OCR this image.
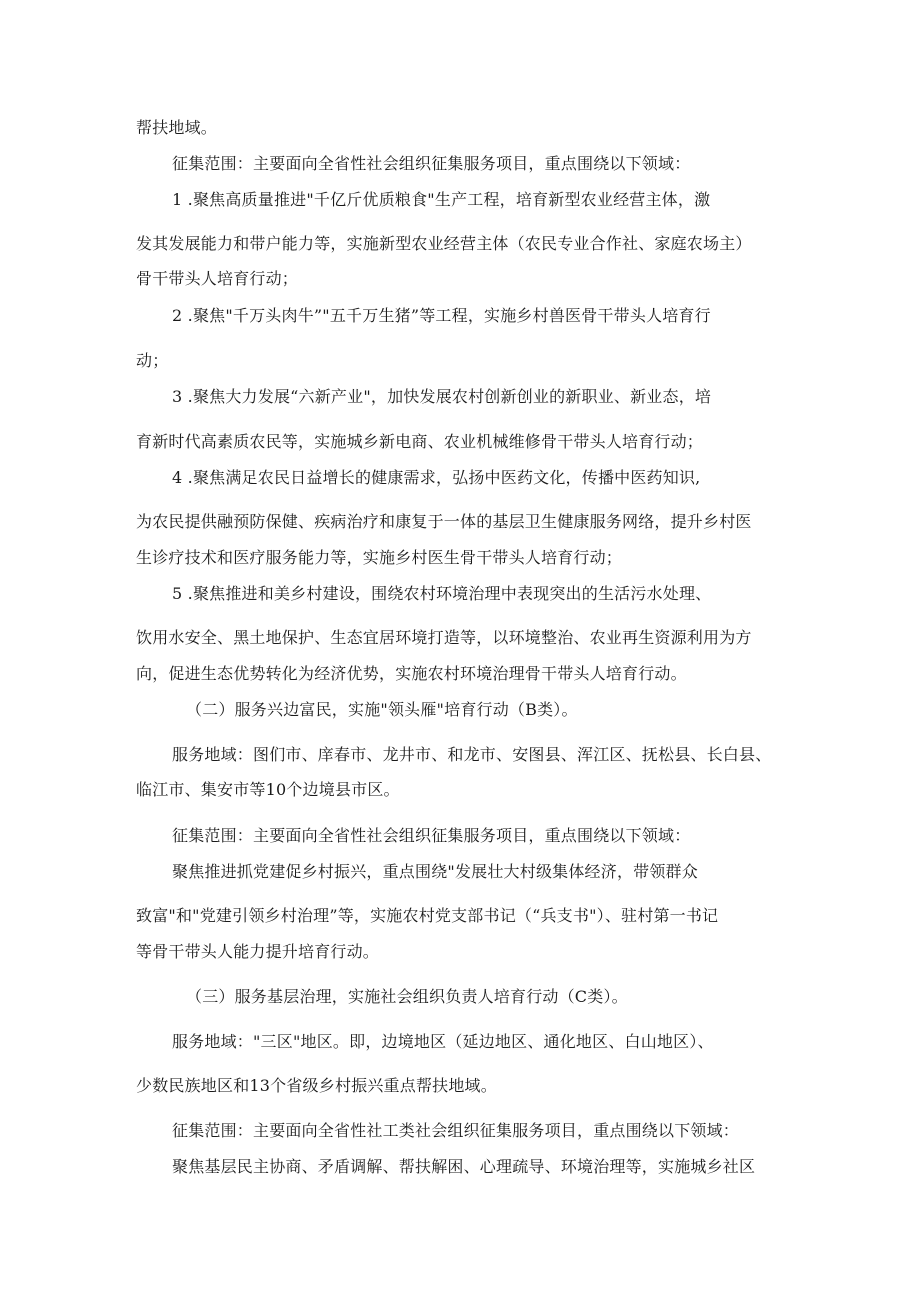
帮扶地域。
征集范围：主要面向全省性社会组织征集服务项目，重点围绕以下领域：
1 .聚焦高质量推进"千亿斤优质粮食"生产工程，培育新型农业经营主体，激
发其发展能力和带户能力等，实施新型农业经营主体（农民专业合作社、家庭农场主）
骨干带头人培育行动；
2 .聚焦"千万头肉牛”"五千万生猪”等工程，实施乡村兽医骨干带头人培育行
动；
3 .聚焦大力发展“六新产业"，加快发展农村创新创业的新职业、新业态，培
育新时代高素质农民等，实施城乡新电商、农业机械维修骨干带头人培育行动；
4 .聚焦满足农民日益增长的健康需求，弘扬中医药文化，传播中医药知识,
为农民提供融预防保健、疾病治疗和康复于一体的基层卫生健康服务网络，提升乡村医
生诊疗技术和医疗服务能力等，实施乡村医生骨干带头人培育行动；
5 .聚焦推进和美乡村建设，围绕农村环境治理中表现突出的生活污水处理、
饮用水安全、黑土地保护、生态宜居环境打造等，以环境整治、农业再生资源利用为方
向，促进生态优势转化为经济优势，实施农村环境治理骨干带头人培育行动。
（二）服务兴边富民，实施"领头雁"培育行动（B类）。
服务地域：图们市、庠春市、龙井市、和龙市、安图县、浑江区、抚松县、长白县、
临江市、集安市等10个边境县市区。
征集范围：主要面向全省性社会组织征集服务项目，重点围绕以下领域：
聚焦推进抓党建促乡村振兴，重点围绕"发展壮大村级集体经济，带领群众
致富"和"党建引领乡村治理”等，实施农村党支部书记（“兵支书"）、驻村第一书记
等骨干带头人能力提升培育行动。
（三）服务基层治理，实施社会组织负责人培育行动（C类）。
服务地域："三区"地区。即，边境地区（延边地区、通化地区、白山地区）、
少数民族地区和13个省级乡村振兴重点帮扶地域。
征集范围：主要面向全省性社工类社会组织征集服务项目，重点围绕以下领域：
聚焦基层民主协商、矛盾调解、帮扶解困、心理疏导、环境治理等，实施城乡社区
